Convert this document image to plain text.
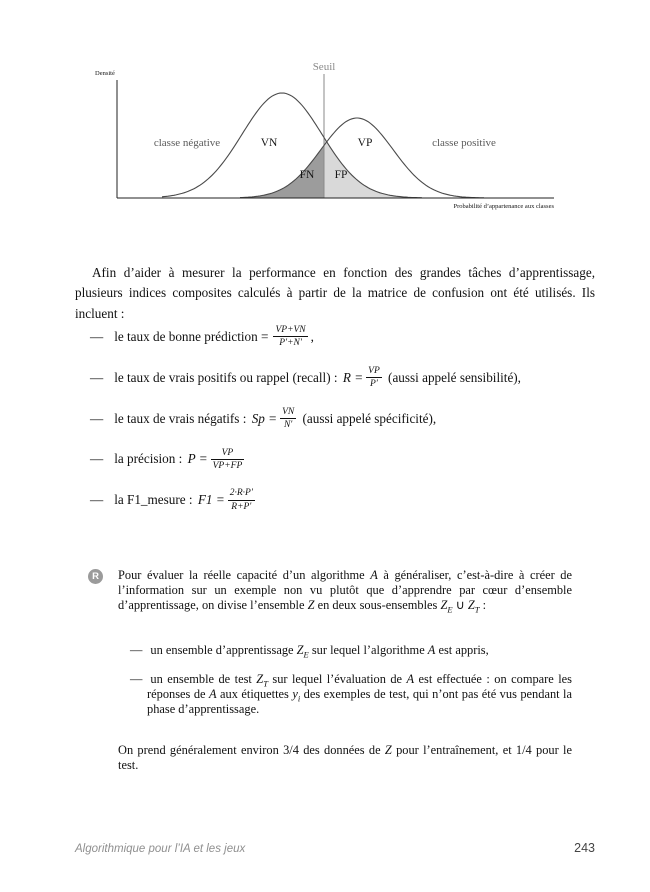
Seuil
Densité
Probabilité d’appartenance aux classes
classe négative	VN	VP	classe positive
FN FP

Afin d’aider à mesurer la performance en fonction des grandes tâches d’apprentissage, plusieurs indices composites calculés à partir de la matrice de confusion ont été utilisés. Ils incluent :

— le taux de bonne prédiction = $\frac{VP+VN}{P'+N'}$ ,
— le taux de vrais positifs ou rappel (recall) : $R = \frac{VP}{P'}$ (aussi appelé sensibilité),
— le taux de vrais négatifs : $Sp = \frac{VN}{N'}$ (aussi appelé spécificité),
— la précision : $P = \frac{VP}{VP+FP}$
— la F1_mesure : $F1 = \frac{2\cdot R\cdot P'}{R+P'}$
R	Pour évaluer la réelle capacité d’un algorithme A à généraliser, c’est-à-dire à créer de l’information sur un exemple non vu plutôt que d’apprendre par cœur d’ensemble d’apprentissage, on divise l’ensemble Z en deux sous-ensembles $Z_E$ ∪ $Z_T$ :

— un ensemble d’apprentissage $Z_E$ sur lequel l’algorithme A est appris,

— un ensemble de test $Z_T$ sur lequel l’évaluation de A est effectuée : on compare les réponses de A aux étiquettes $y_i$ des exemples de test, qui n’ont pas été vus pendant la phase d’apprentissage.

On prend généralement environ 3/4 des données de Z pour l’entraînement, et 1/4 pour le test.

Algorithmique pour l’IA et les jeux	243
